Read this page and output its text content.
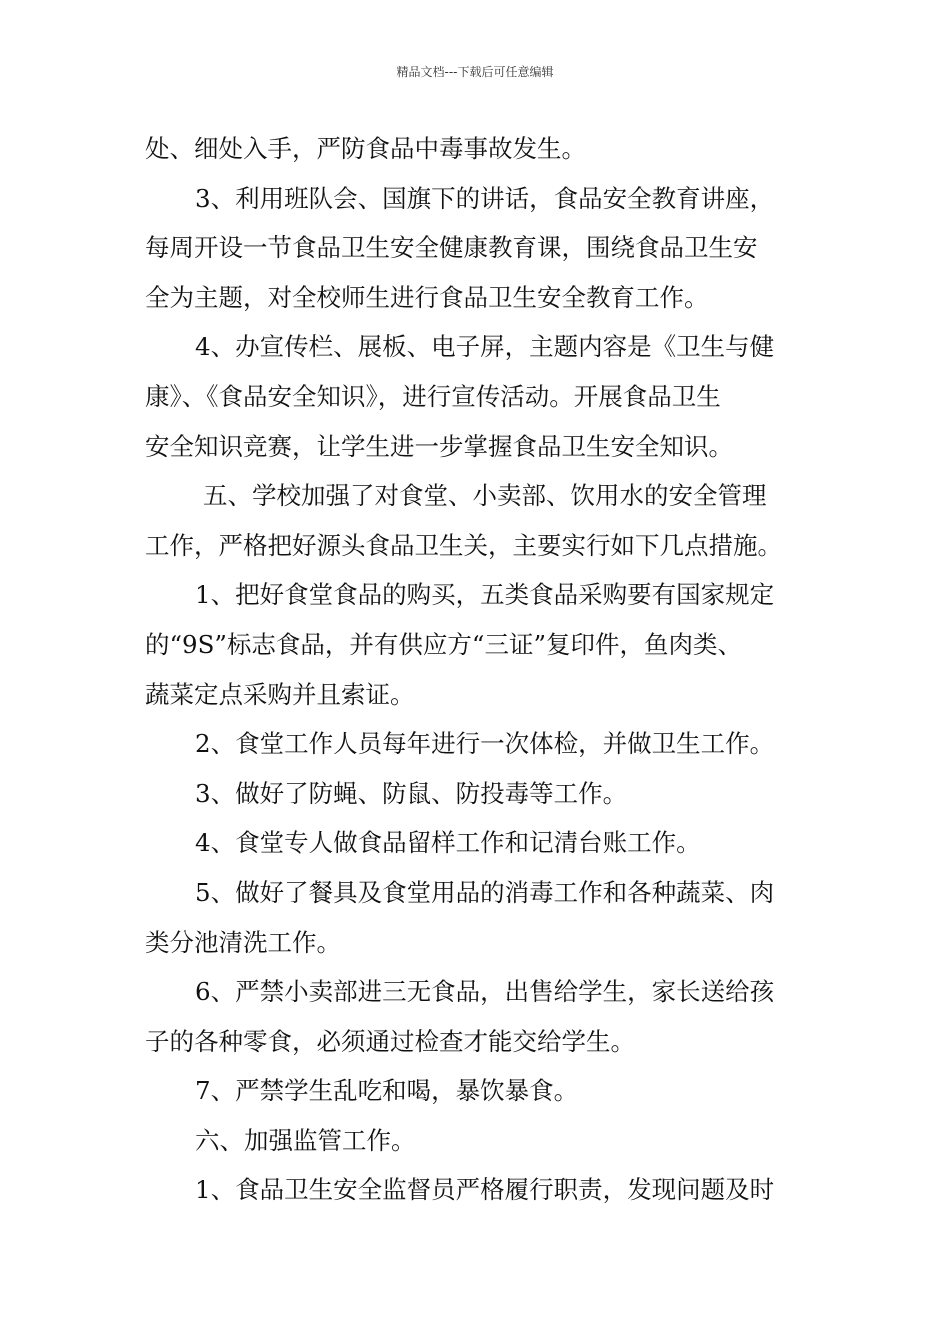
精品文档---下载后可任意编辑
处、细处入手，严防食品中毒事故发生。
3、利用班队会、国旗下的讲话，食品安全教育讲座，
每周开设一节食品卫生安全健康教育课，围绕食品卫生安
全为主题，对全校师生进行食品卫生安全教育工作。
4、办宣传栏、展板、电子屏，主题内容是《卫生与健
康》、《食品安全知识》，进行宣传活动。开展食品卫生
安全知识竞赛，让学生进一步掌握食品卫生安全知识。
五、学校加强了对食堂、小卖部、饮用水的安全管理
工作，严格把好源头食品卫生关，主要实行如下几点措施。
1、把好食堂食品的购买，五类食品采购要有国家规定
的“9S”标志食品，并有供应方“三证”复印件，鱼肉类、
蔬菜定点采购并且索证。
2、食堂工作人员每年进行一次体检，并做卫生工作。
3、做好了防蝇、防鼠、防投毒等工作。
4、食堂专人做食品留样工作和记清台账工作。
5、做好了餐具及食堂用品的消毒工作和各种蔬菜、肉
类分池清洗工作。
6、严禁小卖部进三无食品，出售给学生，家长送给孩
子的各种零食，必须通过检查才能交给学生。
7、严禁学生乱吃和喝，暴饮暴食。
六、加强监管工作。
1、食品卫生安全监督员严格履行职责，发现问题及时
